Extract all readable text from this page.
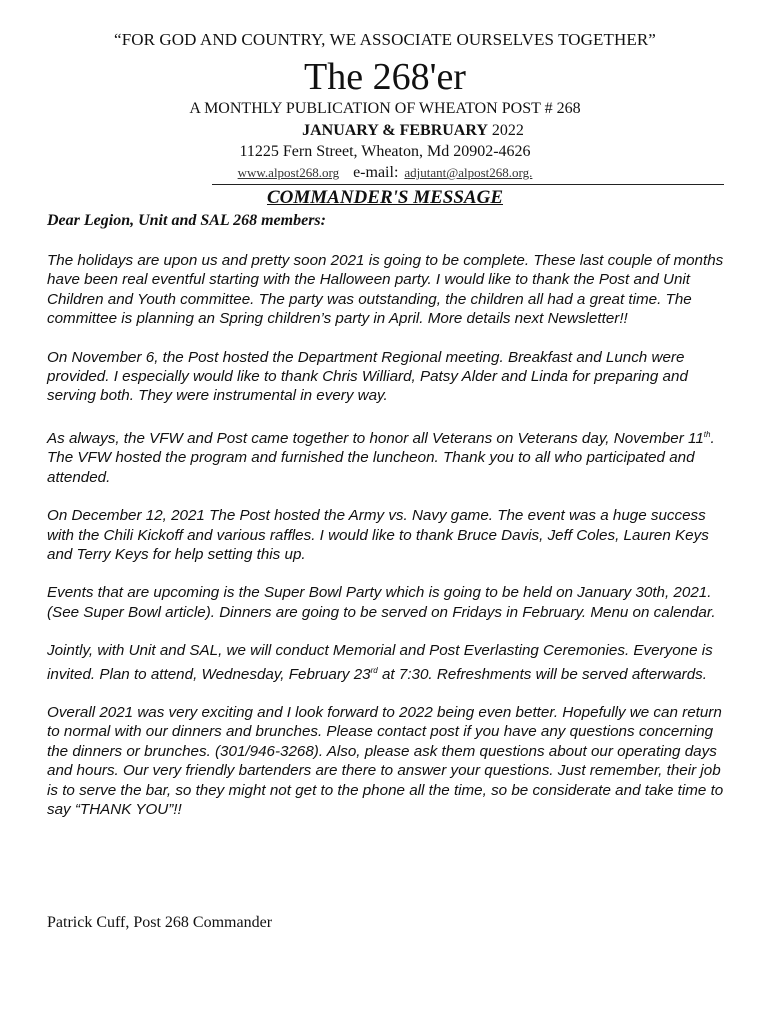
“FOR GOD AND COUNTRY, WE ASSOCIATE OURSELVES TOGETHER”
The 268'er
A MONTHLY PUBLICATION OF WHEATON POST # 268
JANUARY & FEBRUARY 2022
11225 Fern Street, Wheaton, Md 20902-4626
www.alpost268.org e-mail: adjutant@alpost268.org.
COMMANDER'S MESSAGE
Dear Legion, Unit and SAL 268 members:

The holidays are upon us and pretty soon 2021 is going to be complete. These last couple of months have been real eventful starting with the Halloween party. I would like to thank the Post and Unit Children and Youth committee. The party was outstanding, the children all had a great time. The committee is planning an Spring children’s party in April. More details next Newsletter!!

On November 6, the Post hosted the Department Regional meeting. Breakfast and Lunch were provided. I especially would like to thank Chris Williard, Patsy Alder and Linda for preparing and serving both. They were instrumental in every way.

As always, the VFW and Post came together to honor all Veterans on Veterans day, November 11th. The VFW hosted the program and furnished the luncheon. Thank you to all who participated and attended.

On December 12, 2021 The Post hosted the Army vs. Navy game. The event was a huge success with the Chili Kickoff and various raffles. I would like to thank Bruce Davis, Jeff Coles, Lauren Keys and Terry Keys for help setting this up.

Events that are upcoming is the Super Bowl Party which is going to be held on January 30th, 2021. (See Super Bowl article). Dinners are going to be served on Fridays in February. Menu on calendar.

Jointly, with Unit and SAL, we will conduct Memorial and Post Everlasting Ceremonies. Everyone is invited. Plan to attend, Wednesday, February 23rd at 7:30. Refreshments will be served afterwards.

Overall 2021 was very exciting and I look forward to 2022 being even better. Hopefully we can return to normal with our dinners and brunches. Please contact post if you have any questions concerning the dinners or brunches. (301/946-3268). Also, please ask them questions about our operating days and hours. Our very friendly bartenders are there to answer your questions. Just remember, their job is to serve the bar, so they might not get to the phone all the time, so be considerate and take time to say “THANK YOU”!!

Patrick Cuff, Post 268 Commander
